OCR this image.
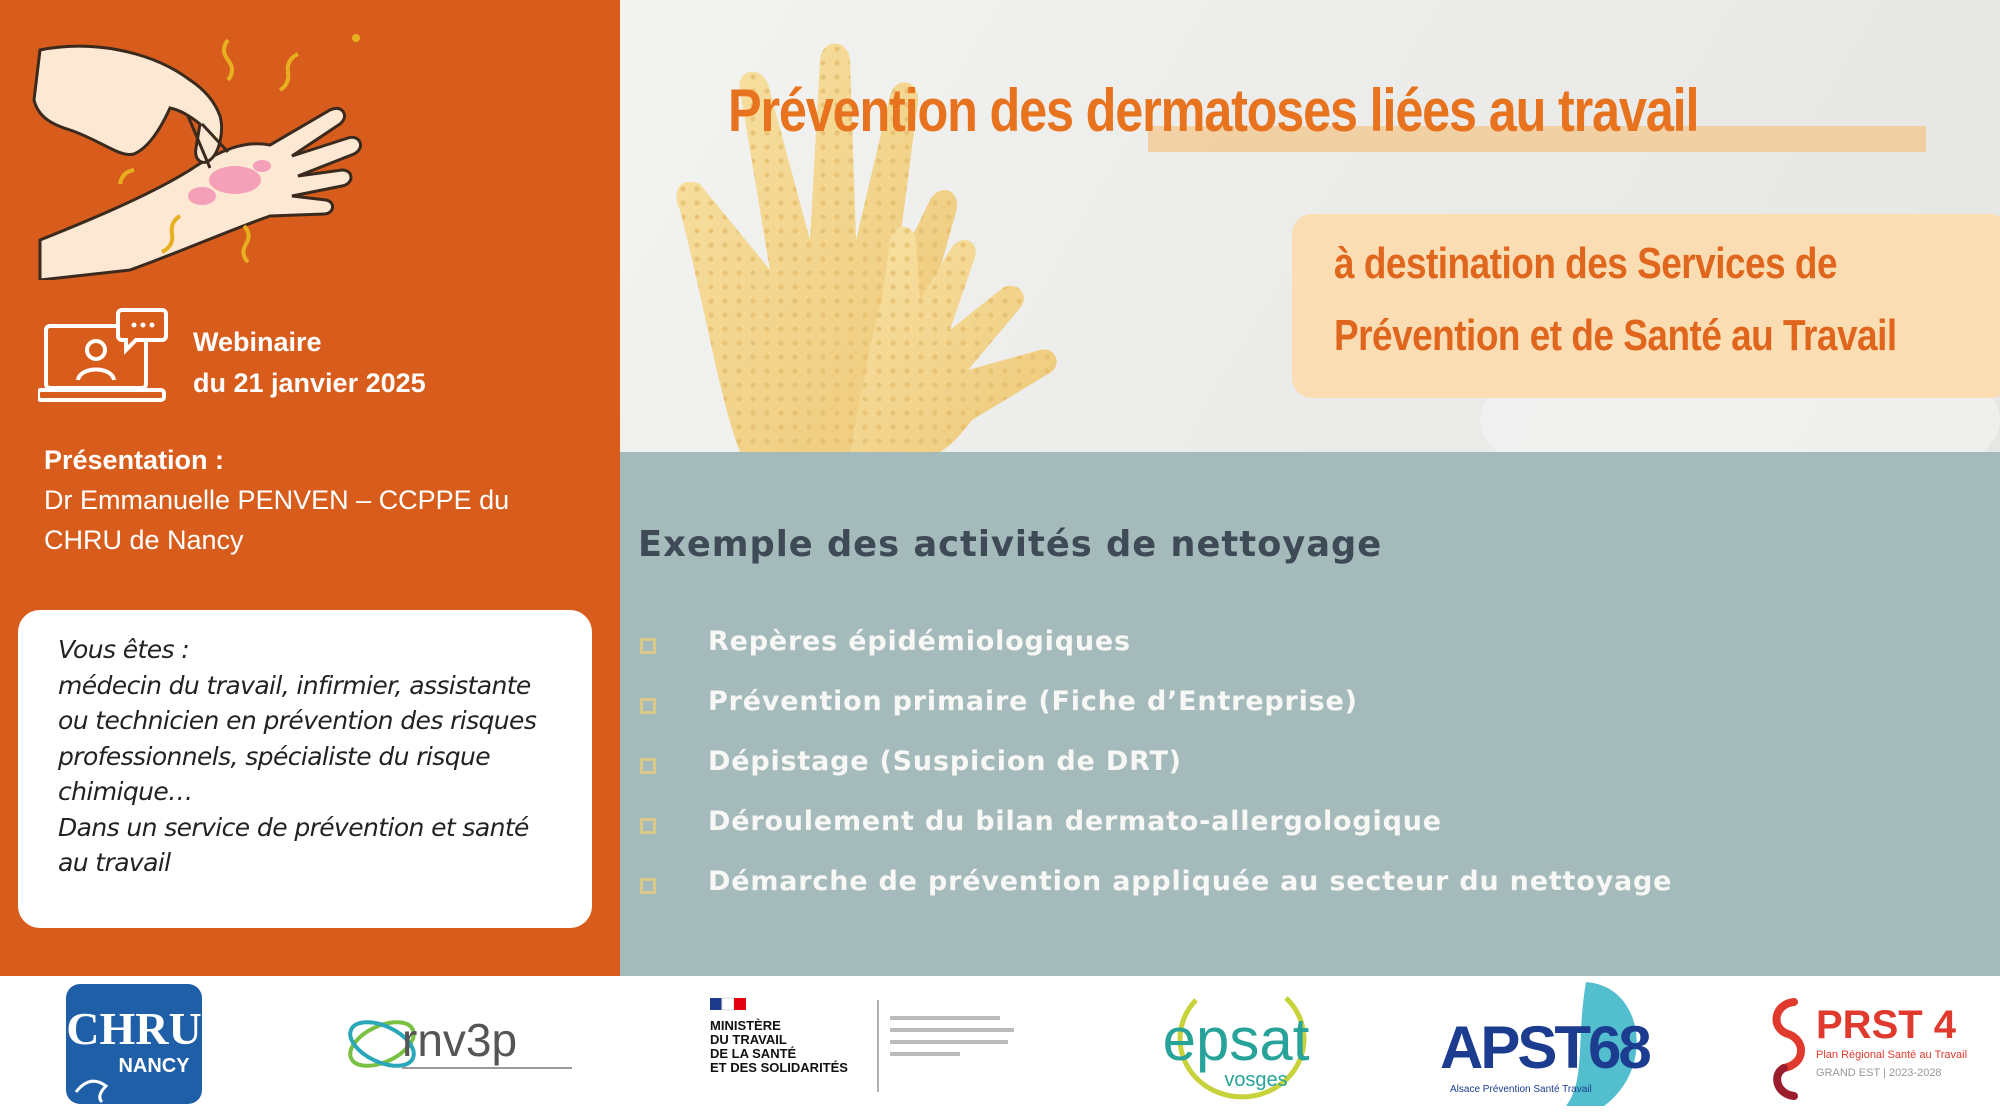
Webinaire
du 21 janvier 2025
Présentation :
Dr Emmanuelle PENVEN – CCPPE du
CHRU de Nancy
Vous êtes :
médecin du travail, infirmier, assistante
ou technicien en prévention des risques
professionnels, spécialiste du risque
chimique…
Dans un service de prévention et santé
au travail
Prévention des dermatoses liées au travail
à destination des Services de
Prévention et de Santé au Travail
Exemple des activités de nettoyage
Repères épidémiologiques
Prévention primaire (Fiche d’Entreprise)
Dépistage (Suspicion de DRT)
Déroulement du bilan dermato-allergologique
Démarche de prévention appliquée au secteur du nettoyage
CHRU
NANCY	rnv3p	MINISTÈRE
DU TRAVAIL
DE LA SANTÉ
ET DES SOLIDARITÉS	epsat
vosges	APST68
Alsace Prévention Santé Travail
PRST 4
Plan Régional Santé au Travail
GRAND EST | 2023-2028
